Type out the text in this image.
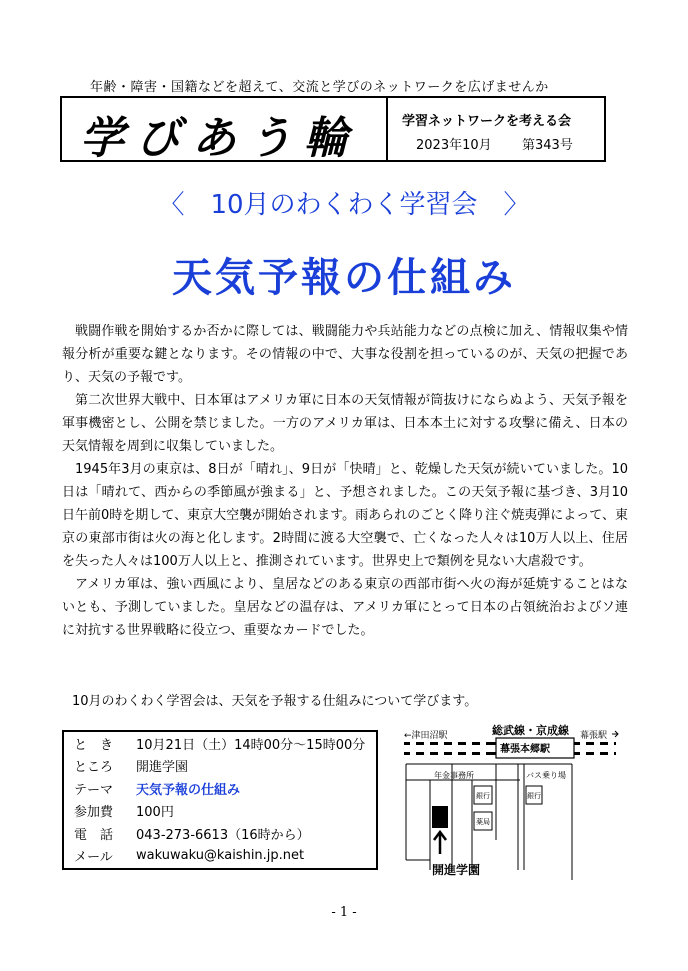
年齢・障害・国籍などを超えて、交流と学びのネットワークを広げませんか
学びあう輪	学習ネットワークを考える会
2023年10月 第343号
〈　10月のわくわく学習会　〉
天気予報の仕組み

戦闘作戦を開始するか否かに際しては、戦闘能力や兵站能力などの点検に加え、情報収集や情報分析が重要な鍵となります。その情報の中で、大事な役割を担っているのが、天気の把握であり、天気の予報です。

第二次世界大戦中、日本軍はアメリカ軍に日本の天気情報が筒抜けにならぬよう、天気予報を軍事機密とし、公開を禁じました。一方のアメリカ軍は、日本本土に対する攻撃に備え、日本の天気情報を周到に収集していました。

1945年3月の東京は、8日が「晴れ」、9日が「快晴」と、乾燥した天気が続いていました。10日は「晴れて、西からの季節風が強まる」と、予想されました。この天気予報に基づき、3月10日午前0時を期して、東京大空襲が開始されます。雨あられのごとく降り注ぐ焼夷弾によって、東京の東部市街は火の海と化します。2時間に渡る大空襲で、亡くなった人々は10万人以上、住居を失った人々は100万人以上と、推測されています。世界史上で類例を見ない大虐殺です。

アメリカ軍は、強い西風により、皇居などのある東京の西部市街へ火の海が延焼することはないとも、予測していました。皇居などの温存は、アメリカ軍にとって日本の占領統治およびソ連に対抗する世界戦略に役立つ、重要なカードでした。

10月のわくわく学習会は、天気を予報する仕組みについて学びます。
と　き	10月21日（土）14時00分～15時00分
ところ	開進学園
テーマ	天気予報の仕組み
参加費	100円
電　話	043-273-6613（16時から）
メール	wakuwaku@kaishin.jp.net
総武線・京成線
←津田沼駅	幕張駅
幕張本郷駅
年金事務所
銀行
薬局
バス乗り場
銀行
開進学園
- 1 -
